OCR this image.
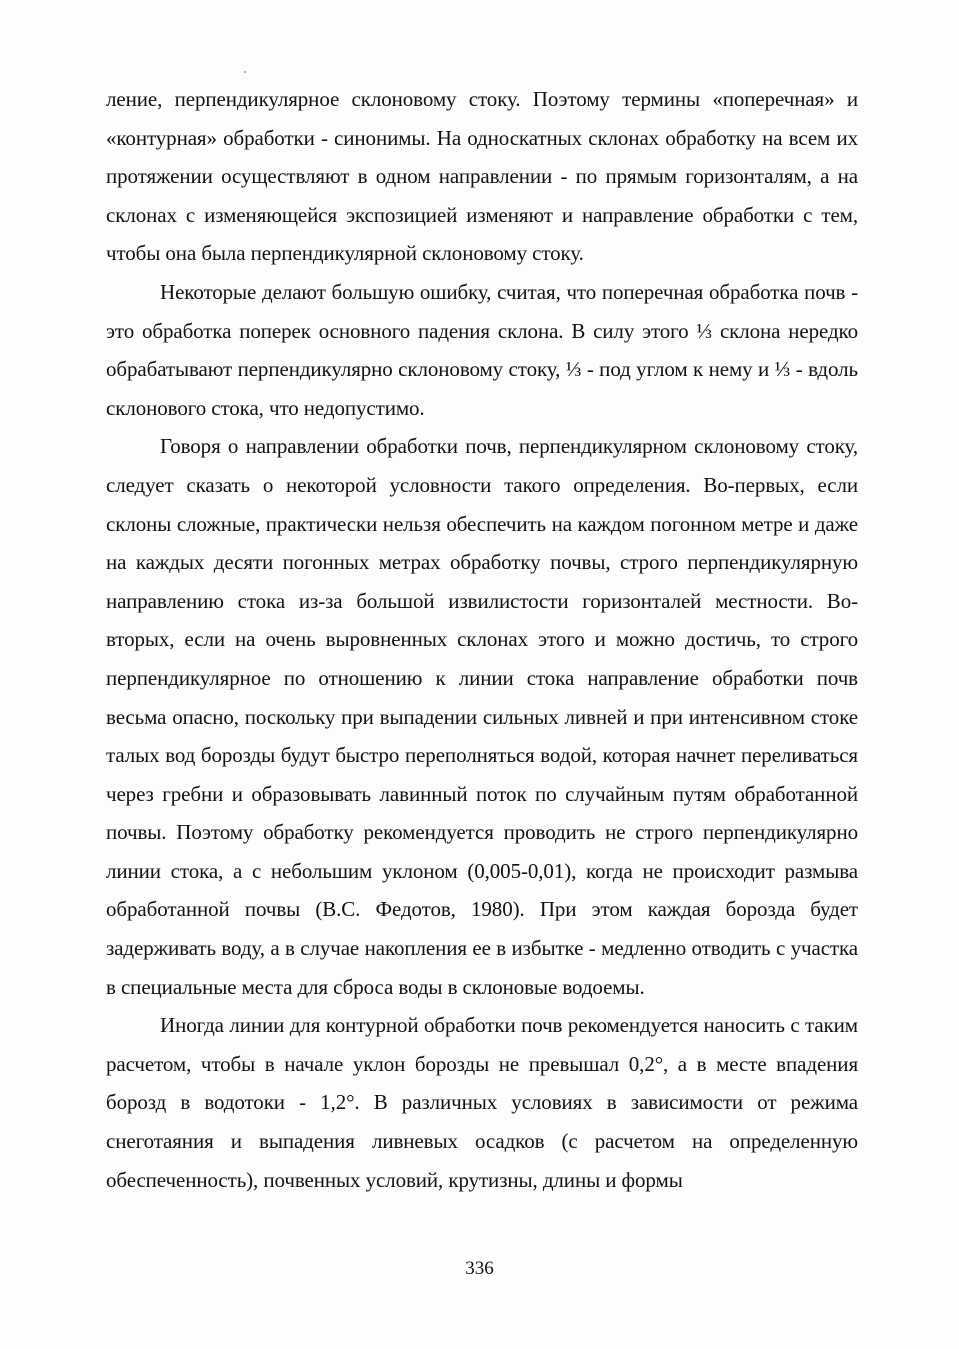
ление, перпендикулярное склоновому стоку. Поэтому термины «поперечная» и «контурная» обработки - синонимы. На односкатных склонах обработку на всем их протяжении осуществляют в одном направлении - по прямым горизонталям, а на склонах с изменяющейся экспозицией изменяют и направление обработки с тем, чтобы она была перпендикулярной склоновому стоку.

Некоторые делают большую ошибку, считая, что поперечная обработка почв - это обработка поперек основного падения склона. В силу этого ⅓ склона нередко обрабатывают перпендикулярно склоновому стоку, ⅓ - под углом к нему и ⅓ - вдоль склонового стока, что недопустимо.

Говоря о направлении обработки почв, перпендикулярном склоновому стоку, следует сказать о некоторой условности такого определения. Во-первых, если склоны сложные, практически нельзя обеспечить на каждом погонном метре и даже на каждых десяти погонных метрах обработку почвы, строго перпендикулярную направлению стока из-за большой извилистости горизонталей местности. Во-вторых, если на очень выровненных склонах этого и можно достичь, то строго перпендикулярное по отношению к линии стока направление обработки почв весьма опасно, поскольку при выпадении сильных ливней и при интенсивном стоке талых вод борозды будут быстро переполняться водой, которая начнет переливаться через гребни и образовывать лавинный поток по случайным путям обработанной почвы. Поэтому обработку рекомендуется проводить не строго перпендикулярно линии стока, а с небольшим уклоном (0,005-0,01), когда не происходит размыва обработанной почвы (В.С. Федотов, 1980). При этом каждая борозда будет задерживать воду, а в случае накопления ее в избытке - медленно отводить с участка в специальные места для сброса воды в склоновые водоемы.

Иногда линии для контурной обработки почв рекомендуется наносить с таким расчетом, чтобы в начале уклон борозды не превышал 0,2°, а в месте впадения борозд в водотоки - 1,2°. В различных условиях в зависимости от режима снеготаяния и выпадения ливневых осадков (с расчетом на определенную обеспеченность), почвенных условий, крутизны, длины и формы

336
